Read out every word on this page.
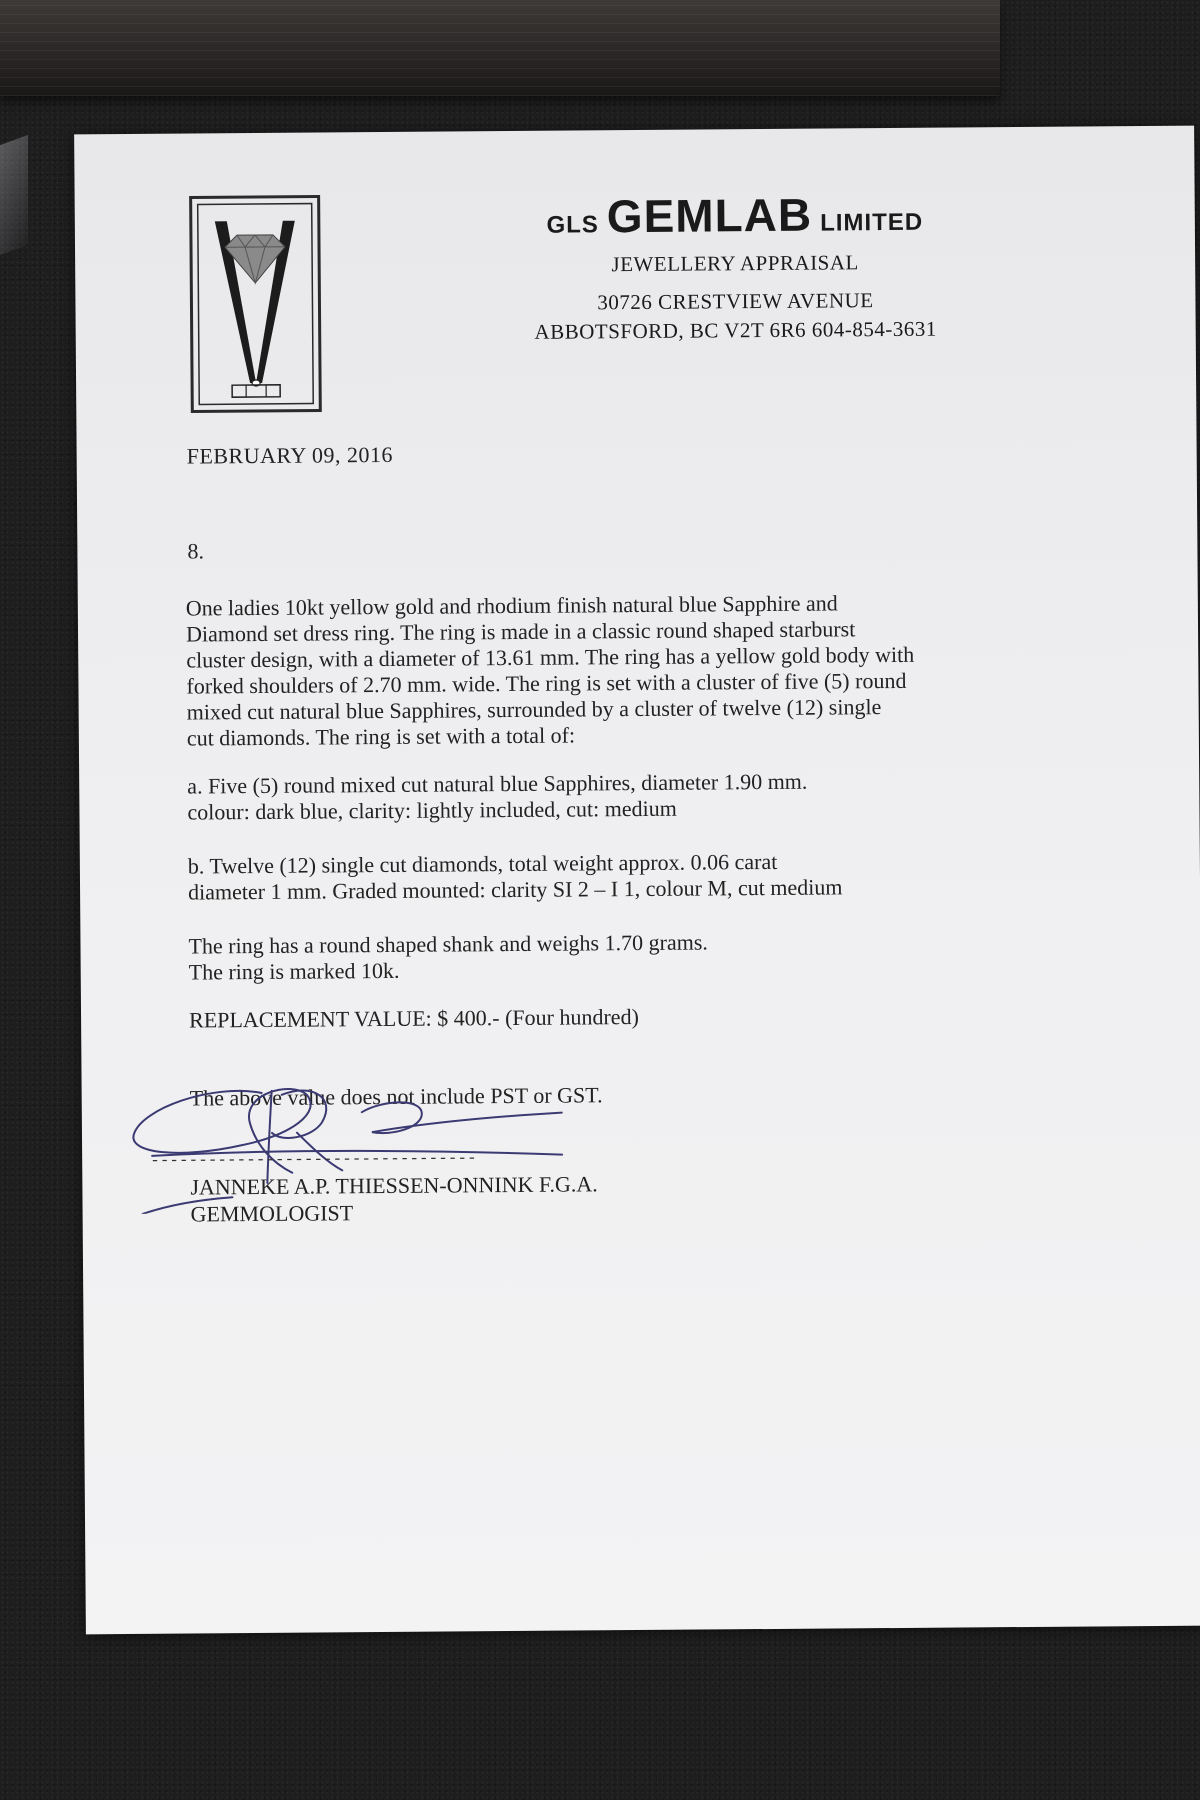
GLS GEMLAB LIMITED
JEWELLERY APPRAISAL
30726 CRESTVIEW AVENUE
ABBOTSFORD, BC V2T 6R6 604-854-3631
FEBRUARY 09, 2016
8.

One ladies 10kt yellow gold and rhodium finish natural blue Sapphire and
Diamond set dress ring. The ring is made in a classic round shaped starburst
cluster design, with a diameter of 13.61 mm. The ring has a yellow gold body with
forked shoulders of 2.70 mm. wide. The ring is set with a cluster of five (5) round
mixed cut natural blue Sapphires, surrounded by a cluster of twelve (12) single
cut diamonds. The ring is set with a total of:

a. Five (5) round mixed cut natural blue Sapphires, diameter 1.90 mm.
colour: dark blue, clarity: lightly included, cut: medium

b. Twelve (12) single cut diamonds, total weight approx. 0.06 carat
diameter 1 mm. Graded mounted: clarity SI 2 – I 1, colour M, cut medium

The ring has a round shaped shank and weighs 1.70 grams.
The ring is marked 10k.

REPLACEMENT VALUE: $ 400.- (Four hundred)

The above value does not include PST or GST.

----------------------------------
JANNEKE A.P. THIESSEN-ONNINK F.G.A.
GEMMOLOGIST
